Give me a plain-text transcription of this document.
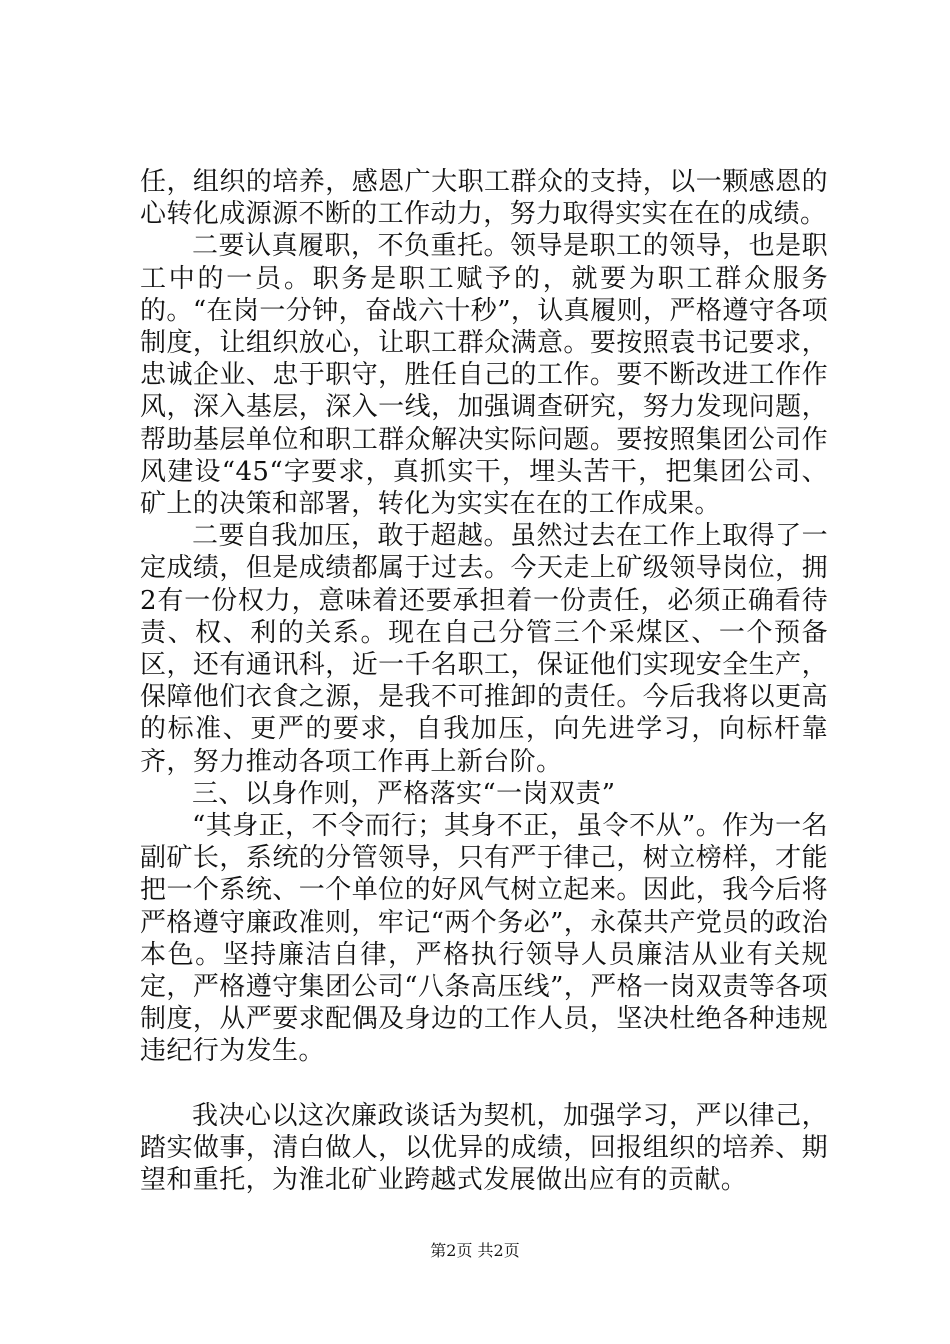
任，组织的培养，感恩广大职工群众的支持，以一颗感恩的心转化成源源不断的工作动力，努力取得实实在在的成绩。

二要认真履职，不负重托。领导是职工的领导，也是职工中的一员。职务是职工赋予的，就要为职工群众服务的。“在岗一分钟，奋战六十秒”，认真履则，严格遵守各项制度，让组织放心，让职工群众满意。要按照袁书记要求，忠诚企业、忠于职守，胜任自己的工作。要不断改进工作作风，深入基层，深入一线，加强调查研究，努力发现问题，帮助基层单位和职工群众解决实际问题。要按照集团公司作风建设“45“字要求，真抓实干，埋头苦干，把集团公司、矿上的决策和部署，转化为实实在在的工作成果。

二要自我加压，敢于超越。虽然过去在工作上取得了一定成绩，但是成绩都属于过去。今天走上矿级领导岗位，拥2有一份权力，意味着还要承担着一份责任，必须正确看待责、权、利的关系。现在自己分管三个采煤区、一个预备区，还有通讯科，近一千名职工，保证他们实现安全生产，保障他们衣食之源，是我不可推卸的责任。今后我将以更高的标准、更严的要求，自我加压，向先进学习，向标杆靠齐，努力推动各项工作再上新台阶。

三、以身作则，严格落实“一岗双责”

“其身正，不令而行；其身不正，虽令不从”。作为一名副矿长，系统的分管领导，只有严于律己，树立榜样，才能把一个系统、一个单位的好风气树立起来。因此，我今后将严格遵守廉政准则，牢记“两个务必”，永葆共产党员的政治本色。坚持廉洁自律，严格执行领导人员廉洁从业有关规定，严格遵守集团公司“八条高压线”，严格一岗双责等各项制度，从严要求配偶及身边的工作人员，坚决杜绝各种违规违纪行为发生。

我决心以这次廉政谈话为契机，加强学习，严以律己，踏实做事，清白做人，以优异的成绩，回报组织的培养、期望和重托，为淮北矿业跨越式发展做出应有的贡献。

第2页 共2页
